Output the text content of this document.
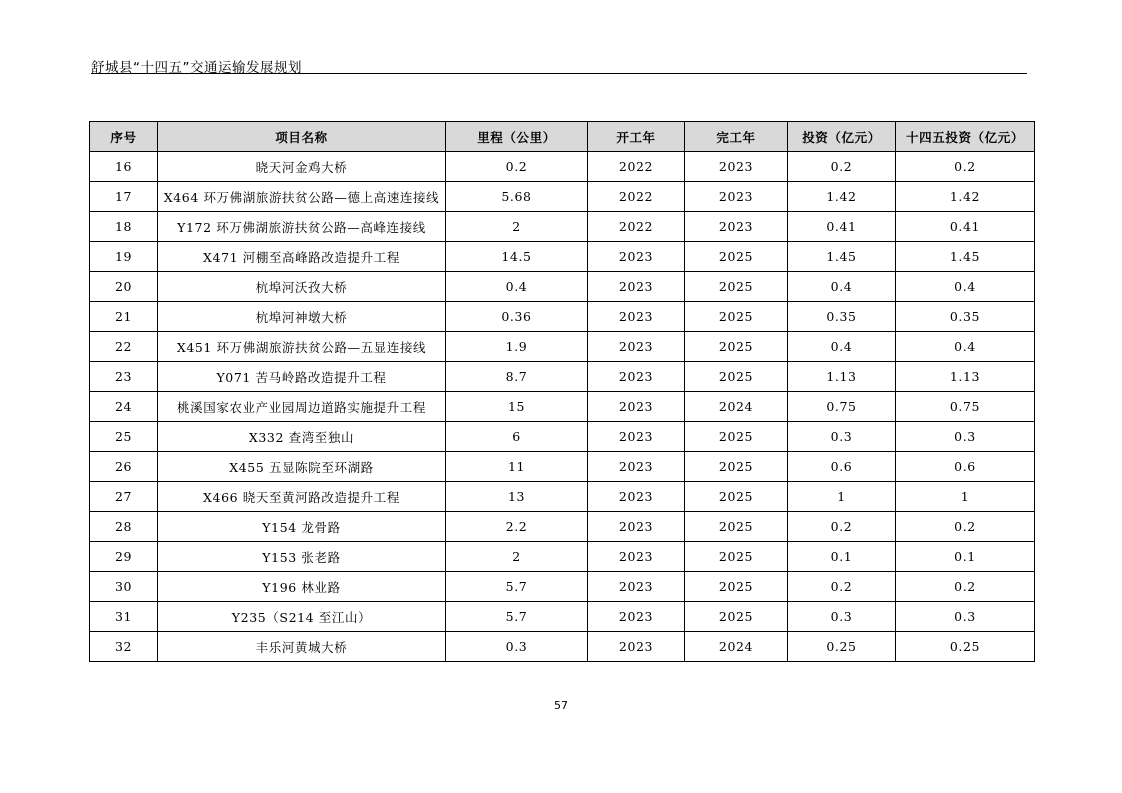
舒城县“十四五”交通运输发展规划
序号	项目名称	里程（公里）	开工年	完工年	投资（亿元）	十四五投资（亿元）
16	晓天河金鸡大桥	0.2	2022	2023	0.2	0.2
17	X464 环万佛湖旅游扶贫公路—德上高速连接线	5.68	2022	2023	1.42	1.42
18	Y172 环万佛湖旅游扶贫公路—高峰连接线	2	2022	2023	0.41	0.41
19	X471 河棚至高峰路改造提升工程	14.5	2023	2025	1.45	1.45
20	杭埠河沃孜大桥	0.4	2023	2025	0.4	0.4
21	杭埠河神墩大桥	0.36	2023	2025	0.35	0.35
22	X451 环万佛湖旅游扶贫公路—五显连接线	1.9	2023	2025	0.4	0.4
23	Y071 苦马岭路改造提升工程	8.7	2023	2025	1.13	1.13
24	桃溪国家农业产业园周边道路实施提升工程	15	2023	2024	0.75	0.75
25	X332 查湾至独山	6	2023	2025	0.3	0.3
26	X455 五显陈院至环湖路	11	2023	2025	0.6	0.6
27	X466 晓天至黄河路改造提升工程	13	2023	2025	1	1
28	Y154 龙骨路	2.2	2023	2025	0.2	0.2
29	Y153 张老路	2	2023	2025	0.1	0.1
30	Y196 林业路	5.7	2023	2025	0.2	0.2
31	Y235（S214 至江山）	5.7	2023	2025	0.3	0.3
32	丰乐河黄城大桥	0.3	2023	2024	0.25	0.25
57
